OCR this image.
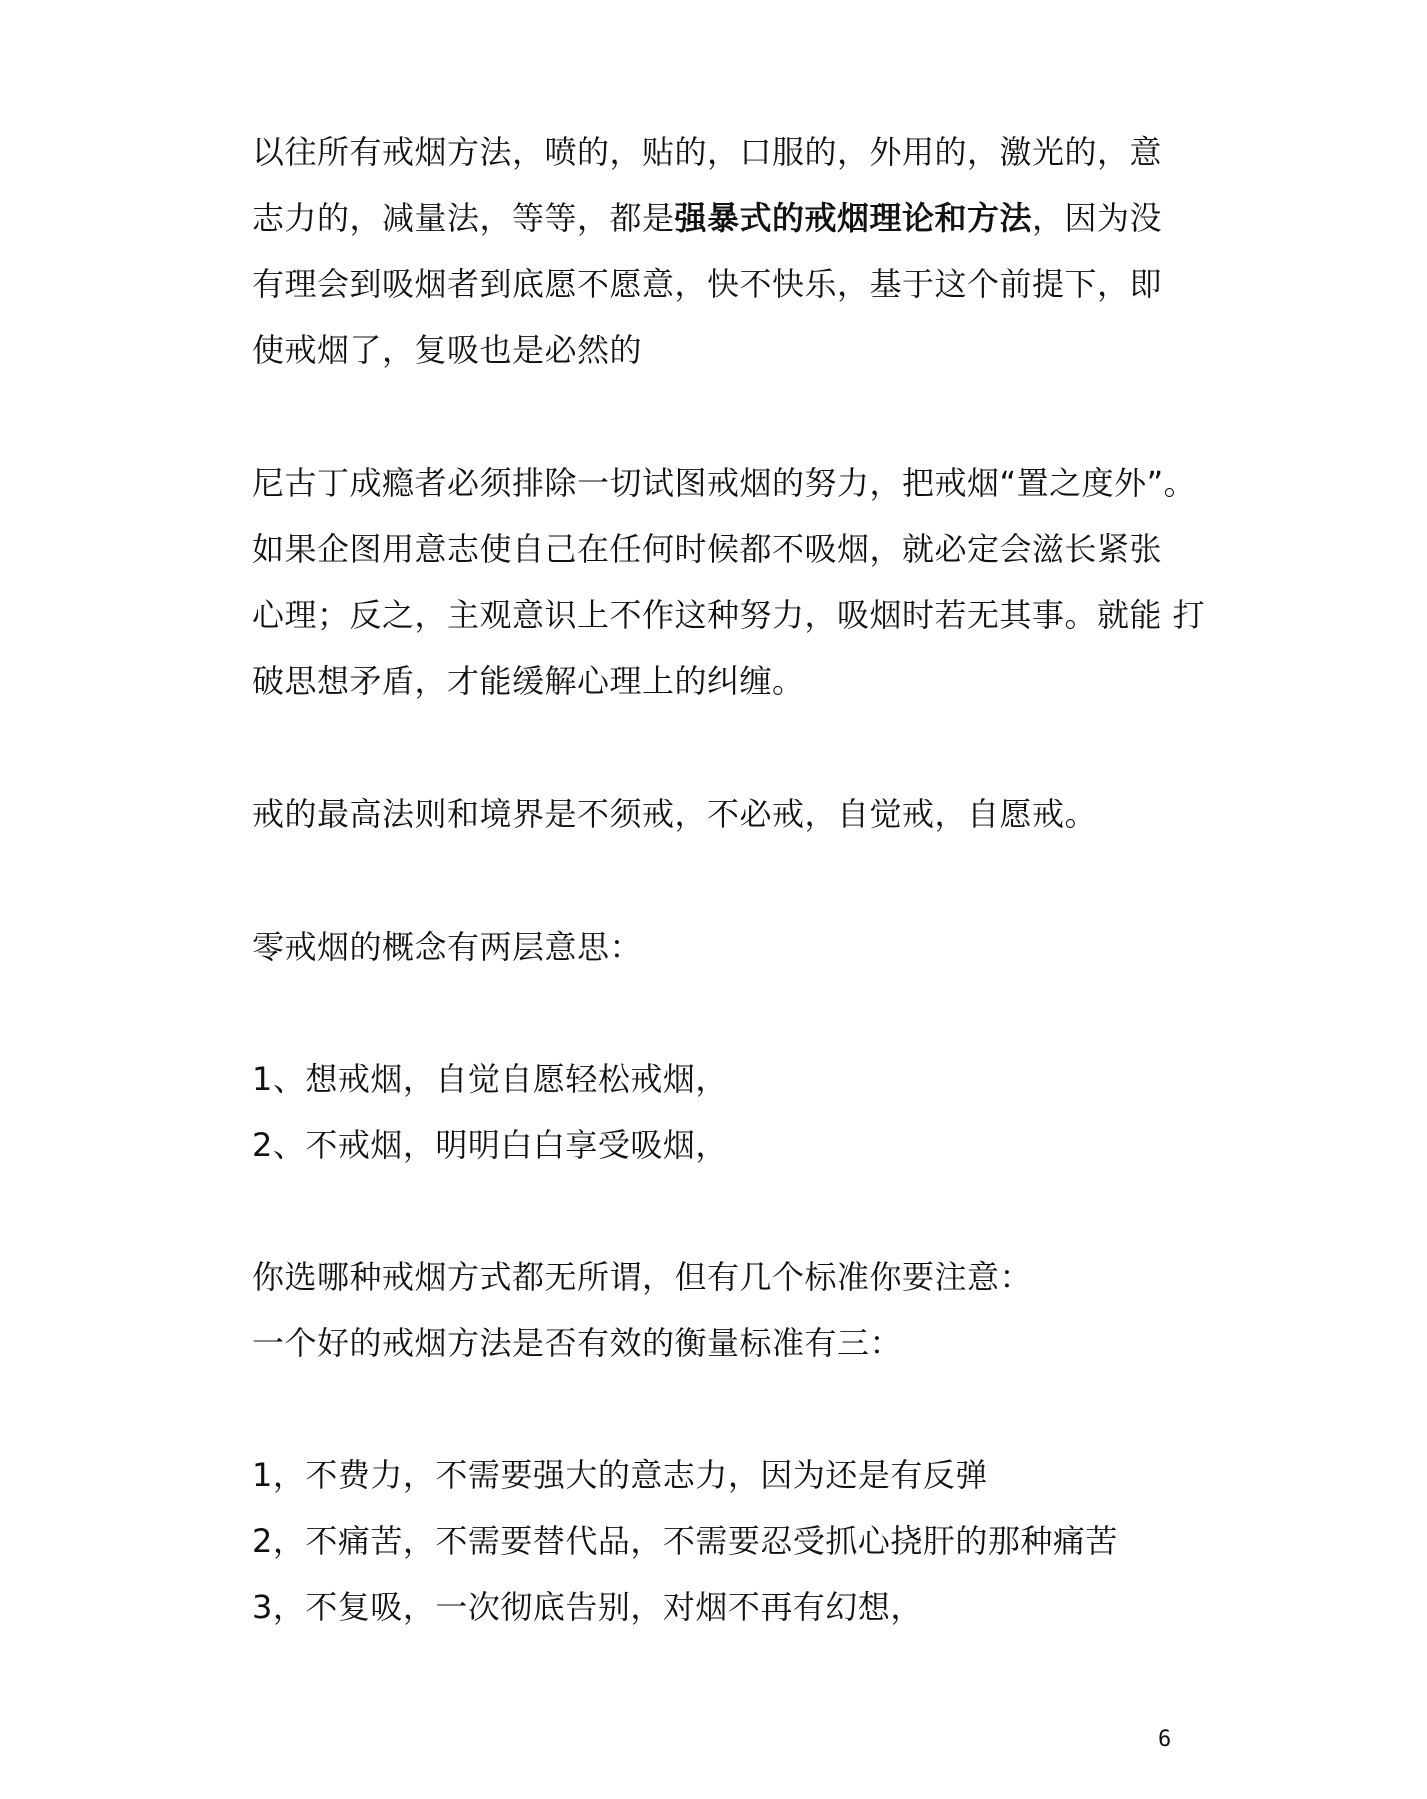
以往所有戒烟方法，喷的，贴的，口服的，外用的，激光的，意
志力的，减量法，等等，都是强暴式的戒烟理论和方法，因为没
有理会到吸烟者到底愿不愿意，快不快乐，基于这个前提下，即
使戒烟了，复吸也是必然的
尼古丁成瘾者必须排除一切试图戒烟的努力，把戒烟“置之度外”。
如果企图用意志使自己在任何时候都不吸烟，就必定会滋长紧张
心理；反之，主观意识上不作这种努力，吸烟时若无其事。就能 打
破思想矛盾，才能缓解心理上的纠缠。
戒的最高法则和境界是不须戒，不必戒，自觉戒，自愿戒。
零戒烟的概念有两层意思：
1、想戒烟，自觉自愿轻松戒烟，
2、不戒烟，明明白白享受吸烟，
你选哪种戒烟方式都无所谓，但有几个标准你要注意：
一个好的戒烟方法是否有效的衡量标准有三：
1，不费力，不需要强大的意志力，因为还是有反弹
2，不痛苦，不需要替代品，不需要忍受抓心挠肝的那种痛苦
3，不复吸，一次彻底告别，对烟不再有幻想，
6
